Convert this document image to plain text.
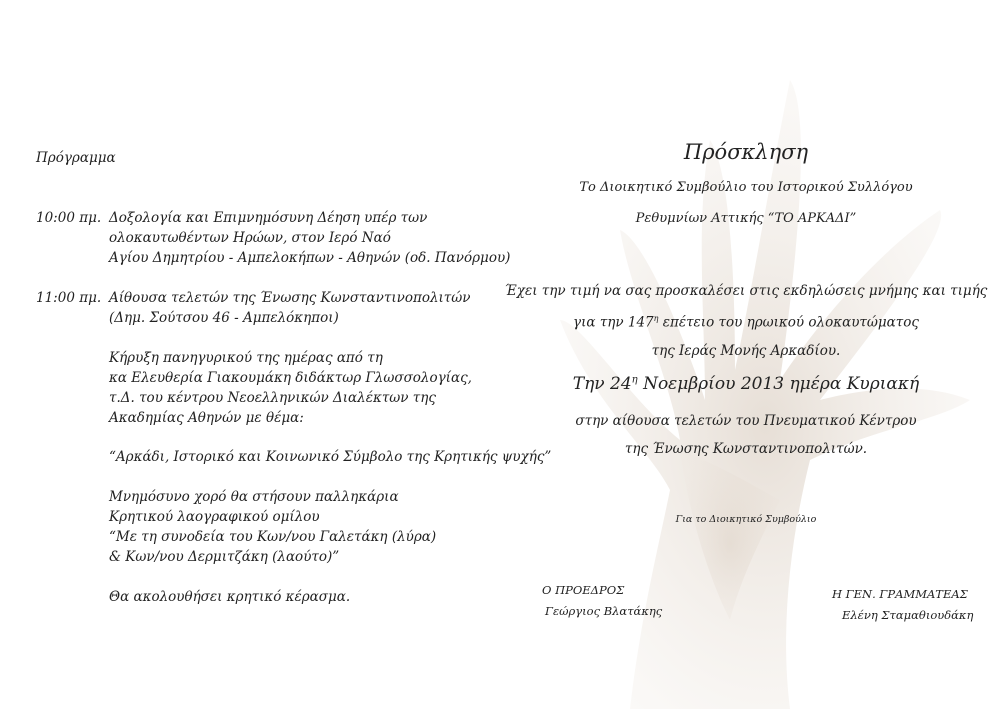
Πρόγραμμα
10:00 πμ. Δοξολογία και Επιμνημόσυνη Δέηση υπέρ των
ολοκαυτωθέντων Ηρώων, στον Ιερό Ναό
Αγίου Δημητρίου - Αμπελοκήπων - Αθηνών (οδ. Πανόρμου)
11:00 πμ. Αίθουσα τελετών της Ένωσης Κωνσταντινοπολιτών
(Δημ. Σούτσου 46 - Αμπελόκηποι)
Κήρυξη πανηγυρικού της ημέρας από τη
κα Ελευθερία Γιακουμάκη διδάκτωρ Γλωσσολογίας,
τ.Δ. του κέντρου Νεοελληνικών Διαλέκτων της
Ακαδημίας Αθηνών με θέμα:
“Αρκάδι, Ιστορικό και Κοινωνικό Σύμβολο της Κρητικής ψυχής”
Μνημόσυνο χορό θα στήσουν παλληκάρια
Κρητικού λαογραφικού ομίλου
“Με τη συνοδεία του Κων/νου Γαλετάκη (λύρα)
& Κων/νου Δερμιτζάκη (λαούτο)”
Θα ακολουθήσει κρητικό κέρασμα.
Πρόσκληση
Το Διοικητικό Συμβούλιο του Ιστορικού Συλλόγου
Ρεθυμνίων Αττικής “ΤΟ ΑΡΚΑΔΙ”
Έχει την τιμή να σας προσκαλέσει στις εκδηλώσεις μνήμης και τιμής
για την $147^\eta$ επέτειο του ηρωικού ολοκαυτώματος
της Ιεράς Μονής Αρκαδίου.
Την $24^\eta$ Νοεμβρίου 2013 ημέρα Κυριακή
στην αίθουσα τελετών του Πνευματικού Κέντρου
της Ένωσης Κωνσταντινοπολιτών.
Για το Διοικητικό Συμβούλιο
Ο ΠΡΟΕΔΡΟΣ
Γεώργιος Βλατάκης
Η ΓΕΝ. ΓΡΑΜΜΑΤΕΑΣ
Ελένη Σταμαθιουδάκη
